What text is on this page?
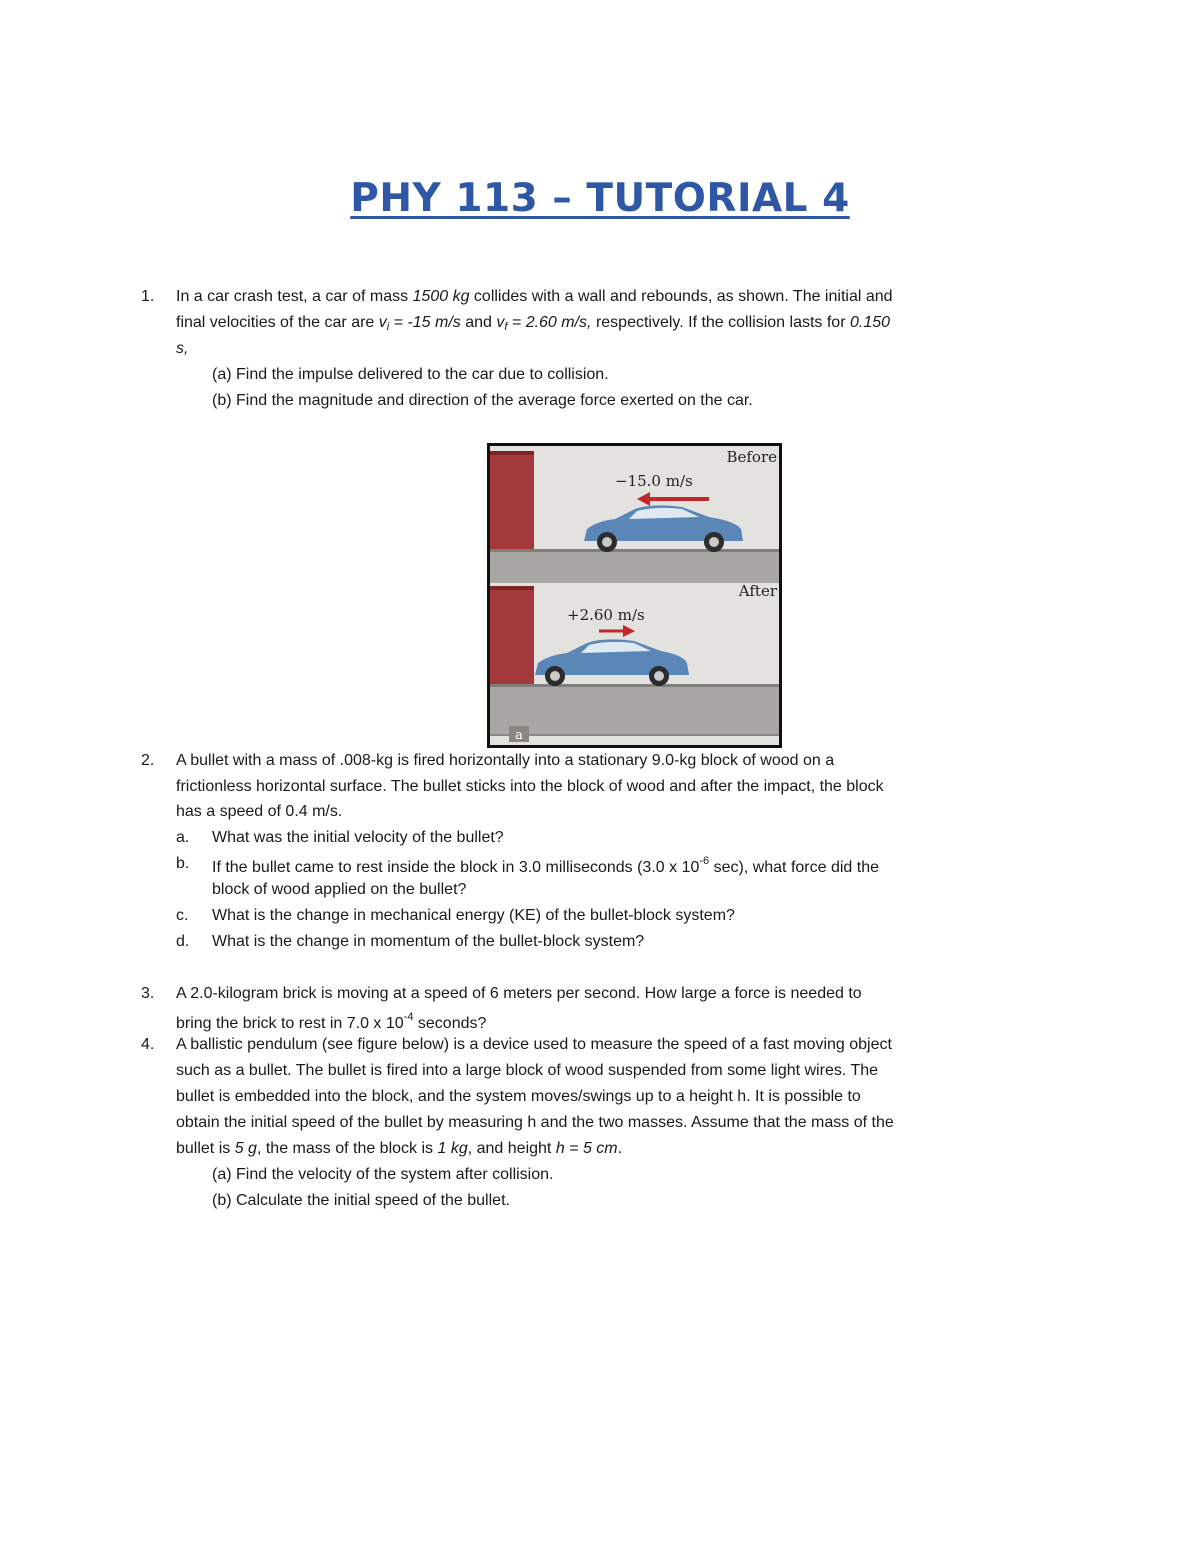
PHY 113 – TUTORIAL 4
1. In a car crash test, a car of mass 1500 kg collides with a wall and rebounds, as shown. The initial and
final velocities of the car are $v_i = -15$ m/s and $v_f = 2.60$ m/s, respectively. If the collision lasts for 0.150
s,
(a) Find the impulse delivered to the car due to collision.
(b) Find the magnitude and direction of the average force exerted on the car.
Before
−15.0 m/s
After
+2.60 m/s
a
2. A bullet with a mass of .008-kg is fired horizontally into a stationary 9.0-kg block of wood on a
frictionless horizontal surface. The bullet sticks into the block of wood and after the impact, the block
has a speed of 0.4 m/s.
a. What was the initial velocity of the bullet?
b. If the bullet came to rest inside the block in 3.0 milliseconds (3.0 x $10^{-6}$ sec), what force did the
block of wood applied on the bullet?
c. What is the change in mechanical energy (KE) of the bullet-block system?
d. What is the change in momentum of the bullet-block system?
3. A 2.0-kilogram brick is moving at a speed of 6 meters per second. How large a force is needed to
bring the brick to rest in 7.0 x $10^{-4}$ seconds?
4. A ballistic pendulum (see figure below) is a device used to measure the speed of a fast moving object
such as a bullet. The bullet is fired into a large block of wood suspended from some light wires. The
bullet is embedded into the block, and the system moves/swings up to a height h. It is possible to
obtain the initial speed of the bullet by measuring h and the two masses. Assume that the mass of the
bullet is 5 g, the mass of the block is 1 kg, and height h = 5 cm.
(a) Find the velocity of the system after collision.
(b) Calculate the initial speed of the bullet.
